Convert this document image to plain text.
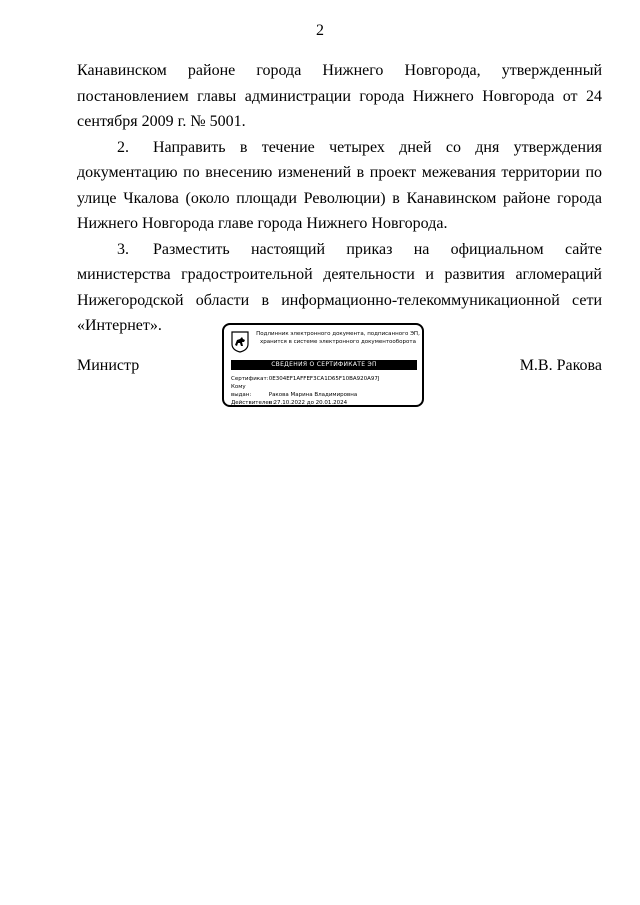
2

Канавинском районе города Нижнего Новгорода, утвержденный постановлением главы администрации города Нижнего Новгорода от 24 сентября 2009 г. № 5001.

2. Направить в течение четырех дней со дня утверждения документацию по внесению изменений в проект межевания территории по улице Чкалова (около площади Революции) в Канавинском районе города Нижнего Новгорода главе города Нижнего Новгорода.

3. Разместить настоящий приказ на официальном сайте министерства градостроительной деятельности и развития агломераций Нижегородской области в информационно-телекоммуникационной сети «Интернет».

Министр
Подлинник электронного документа, подписанного ЭП,
хранится в системе электронного документооборота
СВЕДЕНИЯ О СЕРТИФИКАТЕ ЭП
Сертификат: 0E304EF1AFFEF3CA1D65F10BA920A97J
Кому выдан:	Ракова Марина Владимировна
Действителен: с 27.10.2022 до 20.01.2024
М.В. Ракова
